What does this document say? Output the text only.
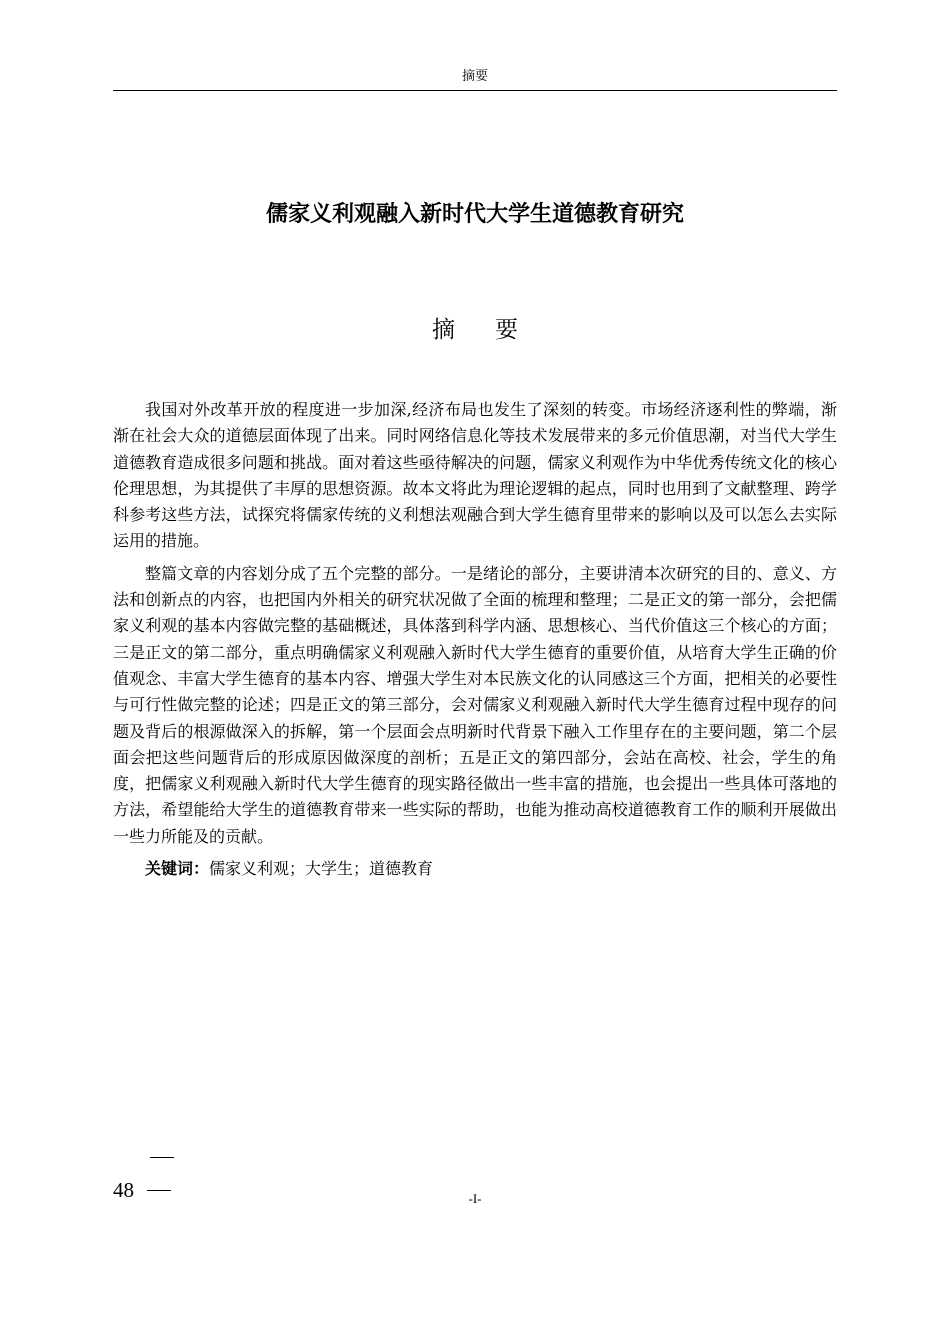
摘要
儒家义利观融入新时代大学生道德教育研究
摘要

我国对外改革开放的程度进一步加深,经济布局也发生了深刻的转变。市场经济逐利性的弊端，渐渐在社会大众的道德层面体现了出来。同时网络信息化等技术发展带来的多元价值思潮，对当代大学生道德教育造成很多问题和挑战。面对着这些亟待解决的问题，儒家义利观作为中华优秀传统文化的核心伦理思想，为其提供了丰厚的思想资源。故本文将此为理论逻辑的起点，同时也用到了文献整理、跨学科参考这些方法，试探究将儒家传统的义利想法观融合到大学生德育里带来的影响以及可以怎么去实际运用的措施。

整篇文章的内容划分成了五个完整的部分。一是绪论的部分，主要讲清本次研究的目的、意义、方法和创新点的内容，也把国内外相关的研究状况做了全面的梳理和整理；二是正文的第一部分，会把儒家义利观的基本内容做完整的基础概述，具体落到科学内涵、思想核心、当代价值这三个核心的方面；三是正文的第二部分，重点明确儒家义利观融入新时代大学生德育的重要价值，从培育大学生正确的价值观念、丰富大学生德育的基本内容、增强大学生对本民族文化的认同感这三个方面，把相关的必要性与可行性做完整的论述；四是正文的第三部分，会对儒家义利观融入新时代大学生德育过程中现存的问题及背后的根源做深入的拆解，第一个层面会点明新时代背景下融入工作里存在的主要问题，第二个层面会把这些问题背后的形成原因做深度的剖析；五是正文的第四部分，会站在高校、社会，学生的角度，把儒家义利观融入新时代大学生德育的现实路径做出一些丰富的措施，也会提出一些具体可落地的方法，希望能给大学生的道德教育带来一些实际的帮助，也能为推动高校道德教育工作的顺利开展做出一些力所能及的贡献。

关键词：儒家义利观；大学生；道德教育

48	-I-
